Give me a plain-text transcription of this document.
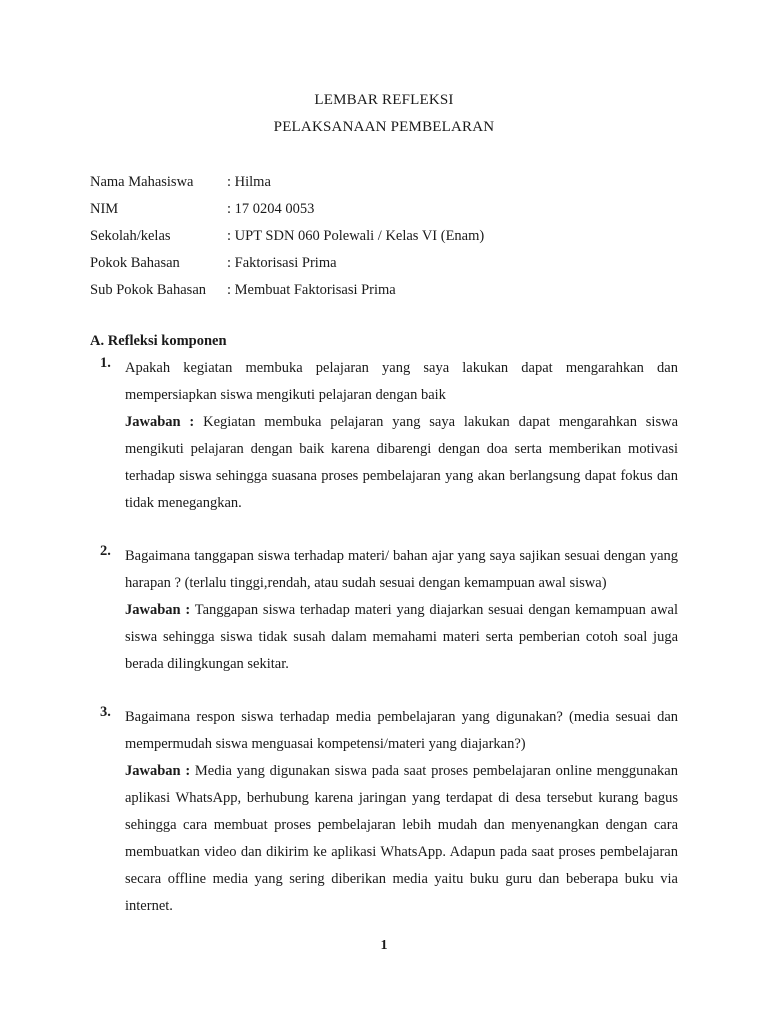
LEMBAR REFLEKSI
PELAKSANAAN PEMBELARAN
Nama Mahasiswa : Hilma
NIM	: 17 0204 0053
Sekolah/kelas	: UPT SDN 060 Polewali / Kelas VI (Enam)
Pokok Bahasan	: Faktorisasi Prima
Sub Pokok Bahasan : Membuat Faktorisasi Prima
A. Refleksi komponen
1. Apakah kegiatan membuka pelajaran yang saya lakukan dapat mengarahkan dan mempersiapkan siswa mengikuti pelajaran dengan baik

Jawaban : Kegiatan membuka pelajaran yang saya lakukan dapat mengarahkan siswa mengikuti pelajaran dengan baik karena dibarengi dengan doa serta memberikan motivasi terhadap siswa sehingga suasana proses pembelajaran yang akan berlangsung dapat fokus dan tidak menegangkan.

2. Bagaimana tanggapan siswa terhadap materi/ bahan ajar yang saya sajikan sesuai dengan yang harapan ? (terlalu tinggi,rendah, atau sudah sesuai dengan kemampuan awal siswa)

Jawaban : Tanggapan siswa terhadap materi yang diajarkan sesuai dengan kemampuan awal siswa sehingga siswa tidak susah dalam memahami materi serta pemberian cotoh soal juga berada dilingkungan sekitar.

3. Bagaimana respon siswa terhadap media pembelajaran yang digunakan? (media sesuai dan mempermudah siswa menguasai kompetensi/materi yang diajarkan?)

Jawaban : Media yang digunakan siswa pada saat proses pembelajaran online menggunakan aplikasi WhatsApp, berhubung karena jaringan yang terdapat di desa tersebut kurang bagus sehingga cara membuat proses pembelajaran lebih mudah dan menyenangkan dengan cara membuatkan video dan dikirim ke aplikasi WhatsApp. Adapun pada saat proses pembelajaran secara offline media yang sering diberikan media yaitu buku guru dan beberapa buku via internet.

1
